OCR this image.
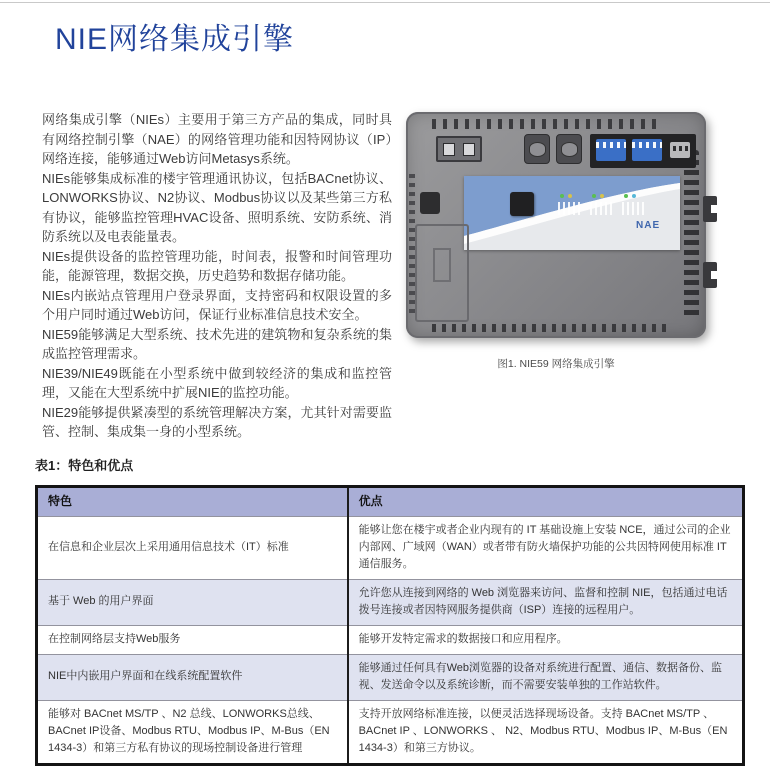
NIE网络集成引擎

网络集成引擎（NIEs）主要用于第三方产品的集成，同时具有网络控制引擎（NAE）的网络管理功能和因特网协议（IP）网络连接，能够通过Web访问Metasys系统。

NIEs能够集成标准的楼宇管理通讯协议，包括BACnet协议、LONWORKS协议、N2协议、Modbus协议以及某些第三方私有协议，能够监控管理HVAC设备、照明系统、安防系统、消防系统以及电表能量表。

NIEs提供设备的监控管理功能，时间表，报警和时间管理功能，能源管理，数据交换，历史趋势和数据存储功能。

NIEs内嵌站点管理用户登录界面，支持密码和权限设置的多个用户同时通过Web访问，保证行业标准信息技术安全。

NIE59能够满足大型系统、技术先进的建筑物和复杂系统的集成监控管理需求。

NIE39/NIE49既能在小型系统中做到较经济的集成和监控管理，又能在大型系统中扩展NIE的监控功能。

NIE29能够提供紧凑型的系统管理解决方案，尤其针对需要监管、控制、集成集一身的小型系统。

NAE
图1. NIE59 网络集成引擎
表1：特色和优点
特色	优点
在信息和企业层次上采用通用信息技术（IT）标准	能够让您在楼宇或者企业内现有的 IT 基础设施上安装 NCE，通过公司的企业内部网、广域网（WAN）或者带有防火墙保护功能的公共因特网使用标准 IT 通信服务。
基于 Web 的用户界面	允许您从连接到网络的 Web 浏览器来访问、监督和控制 NIE，包括通过电话拨号连接或者因特网服务提供商（ISP）连接的远程用户。
在控制网络层支持Web服务	能够开发特定需求的数据接口和应用程序。
NIE中内嵌用户界面和在线系统配置软件	能够通过任何具有Web浏览器的设备对系统进行配置、通信、数据备份、监视、发送命令以及系统诊断，而不需要安装单独的工作站软件。
能够对 BACnet MS/TP 、N2 总线、LONWORKS总线、BACnet IP设备、Modbus RTU、Modbus IP、M-Bus（EN 1434-3）和第三方私有协议的现场控制设备进行管理	支持开放网络标准连接，以便灵活选择现场设备。支持 BACnet MS/TP 、BACnet IP 、LONWORKS 、 N2、Modbus RTU、Modbus IP、M-Bus（EN 1434-3）和第三方协议。
